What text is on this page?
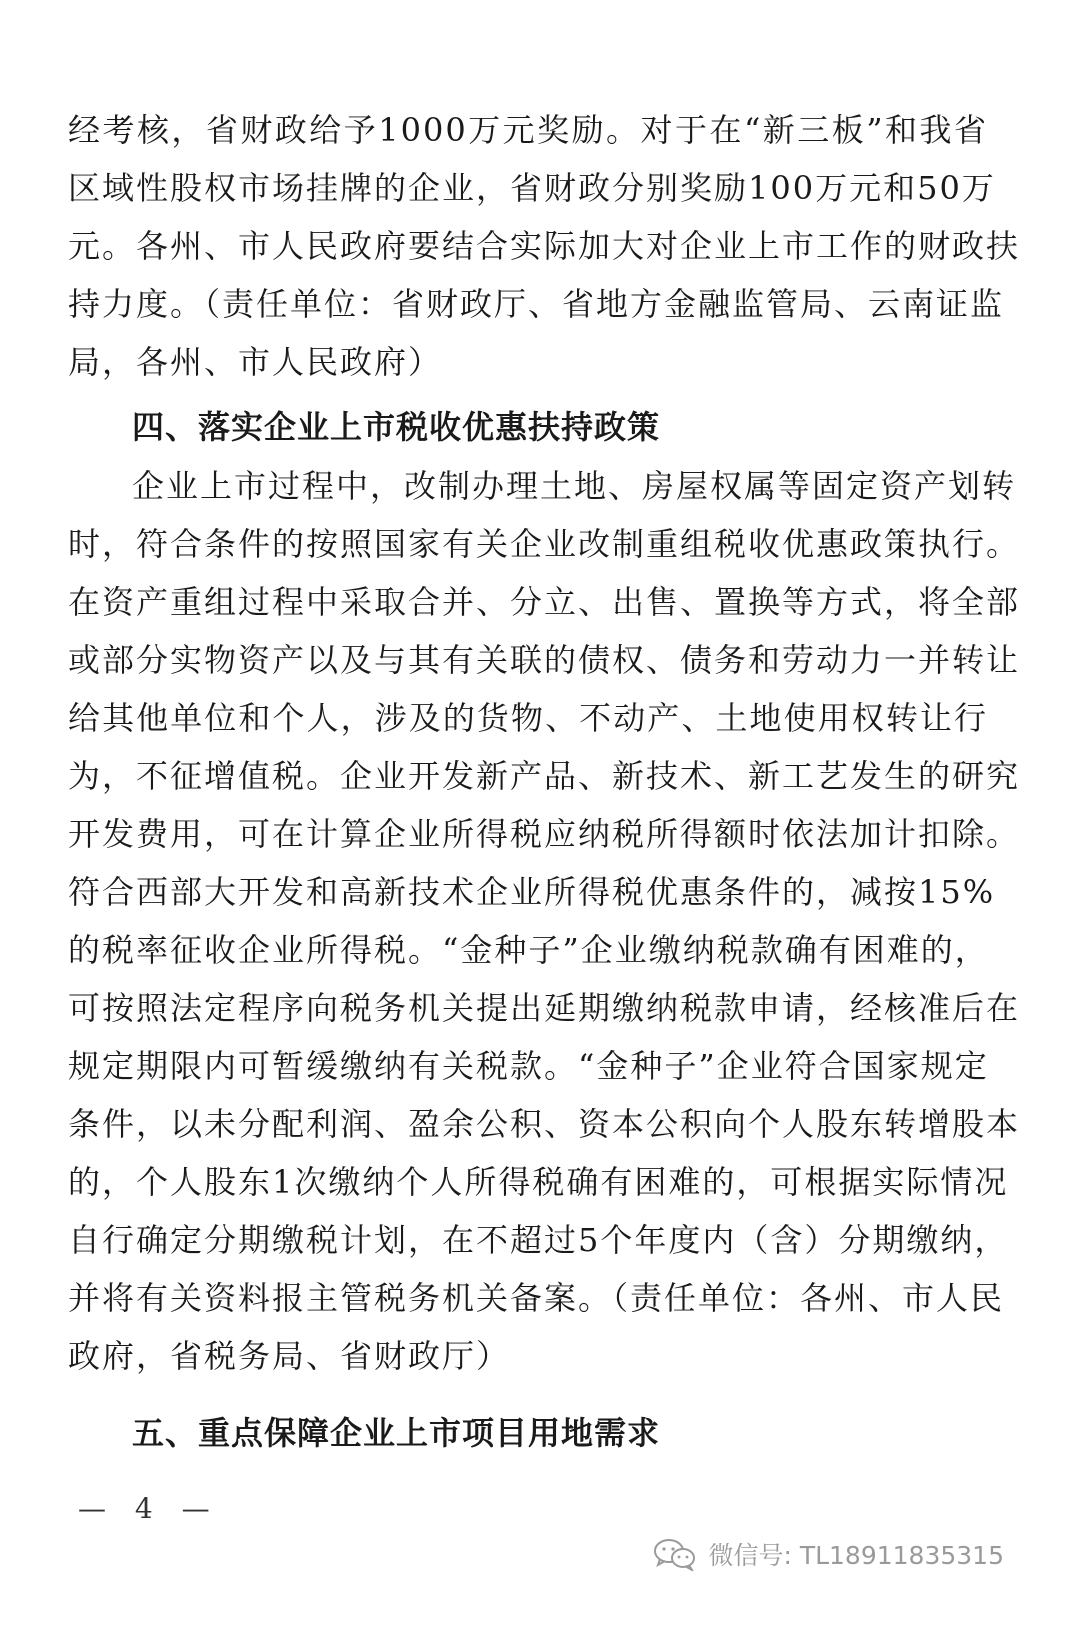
经考核，省财政给予1000万元奖励。对于在“新三板”和我省
区域性股权市场挂牌的企业，省财政分别奖励100万元和50万
元。各州、市人民政府要结合实际加大对企业上市工作的财政扶
持力度。（责任单位：省财政厅、省地方金融监管局、云南证监
局，各州、市人民政府）
四、落实企业上市税收优惠扶持政策
企业上市过程中，改制办理土地、房屋权属等固定资产划转
时，符合条件的按照国家有关企业改制重组税收优惠政策执行。
在资产重组过程中采取合并、分立、出售、置换等方式，将全部
或部分实物资产以及与其有关联的债权、债务和劳动力一并转让
给其他单位和个人，涉及的货物、不动产、土地使用权转让行
为，不征增值税。企业开发新产品、新技术、新工艺发生的研究
开发费用，可在计算企业所得税应纳税所得额时依法加计扣除。
符合西部大开发和高新技术企业所得税优惠条件的，减按15%
的税率征收企业所得税。“金种子”企业缴纳税款确有困难的，
可按照法定程序向税务机关提出延期缴纳税款申请，经核准后在
规定期限内可暂缓缴纳有关税款。“金种子”企业符合国家规定
条件，以未分配利润、盈余公积、资本公积向个人股东转增股本
的，个人股东1次缴纳个人所得税确有困难的，可根据实际情况
自行确定分期缴税计划，在不超过5个年度内（含）分期缴纳，
并将有关资料报主管税务机关备案。（责任单位：各州、市人民
政府，省税务局、省财政厅）
五、重点保障企业上市项目用地需求
— 4 —
微信号: TL18911835315
